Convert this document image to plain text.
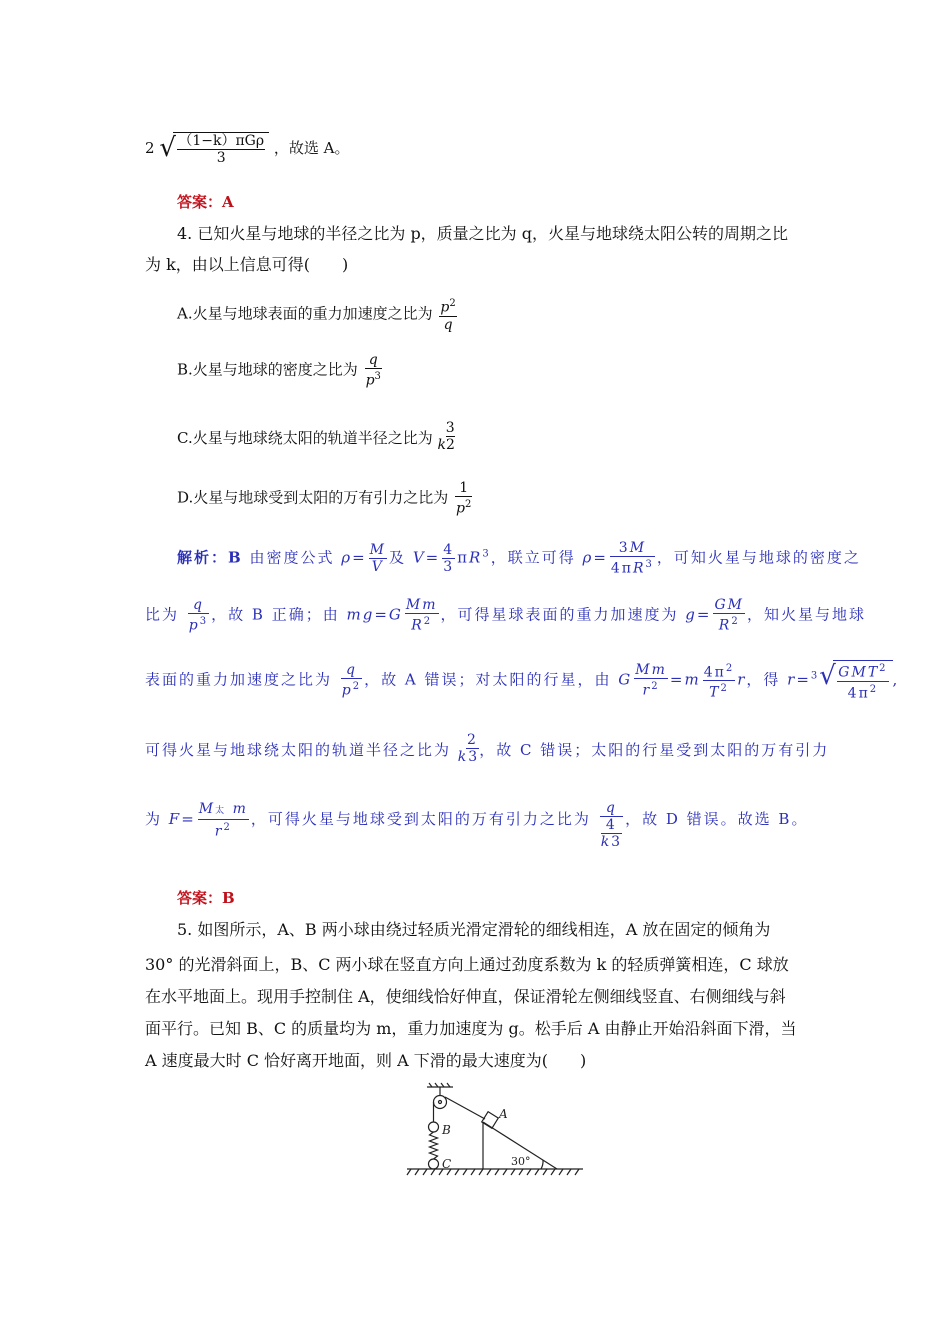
2 √ $\frac{\text{（1−k）πGρ}}{3}$ ，故选 A。
答案：A
4. 已知火星与地球的半径之比为 p，质量之比为 q，火星与地球绕太阳公转的周期之比
为 k，由以上信息可得(　　)
A.火星与地球表面的重力加速度之比为 $\frac{p^2}{q}$
B.火星与地球的密度之比为 $\frac{q}{p^3}$
C.火星与地球绕太阳的轨道半径之比为
3
k2
D.火星与地球受到太阳的万有引力之比为 $\frac{1}{p^2}$
解析：B 由密度公式 $\rho= \frac{M}{V}$ 及 $V= \frac{4}{3} \pi R^3$，联立可得 $\rho= \frac{3M}{4\pi R^3}$ ，可知火星与地球的密度之
比为 $\frac{q}{p^3}$ ，故 B 正确；由 $mg=G \frac{Mm}{R^2}$ ，可得星球表面的重力加速度为 $g= \frac{GM}{R^2}$ ，知火星与地球
表面的重力加速度之比为 $\frac{q}{p^2}$ ，故 A 错误；对太阳的行星，由 G $\frac{Mm}{r^2} =m \frac{4\pi^2}{T^2}$ r，得 r=$^3$ √ $\frac{GMT^2}{4\pi^2}$ ,
可得火星与地球绕太阳的轨道半径之比为
2
k3，故 C 错误；太阳的行星受到太阳的万有引力
为 $F= \frac{\text{M太 m}}{r^2}$ ，可得火星与地球受到太阳的万有引力之比为 q
4
k3 ，故 D 错误。故选 B。
答案：B
5. 如图所示，A、B 两小球由绕过轻质光滑定滑轮的细线相连，A 放在固定的倾角为
30° 的光滑斜面上，B、C 两小球在竖直方向上通过劲度系数为 k 的轻质弹簧相连，C 球放
在水平地面上。现用手控制住 A，使细线恰好伸直，保证滑轮左侧细线竖直、右侧细线与斜
面平行。已知 B、C 的质量均为 m，重力加速度为 g。松手后 A 由静止开始沿斜面下滑，当
A 速度最大时 C 恰好离开地面，则 A 下滑的最大速度为(　　)
A
B
C	30°
